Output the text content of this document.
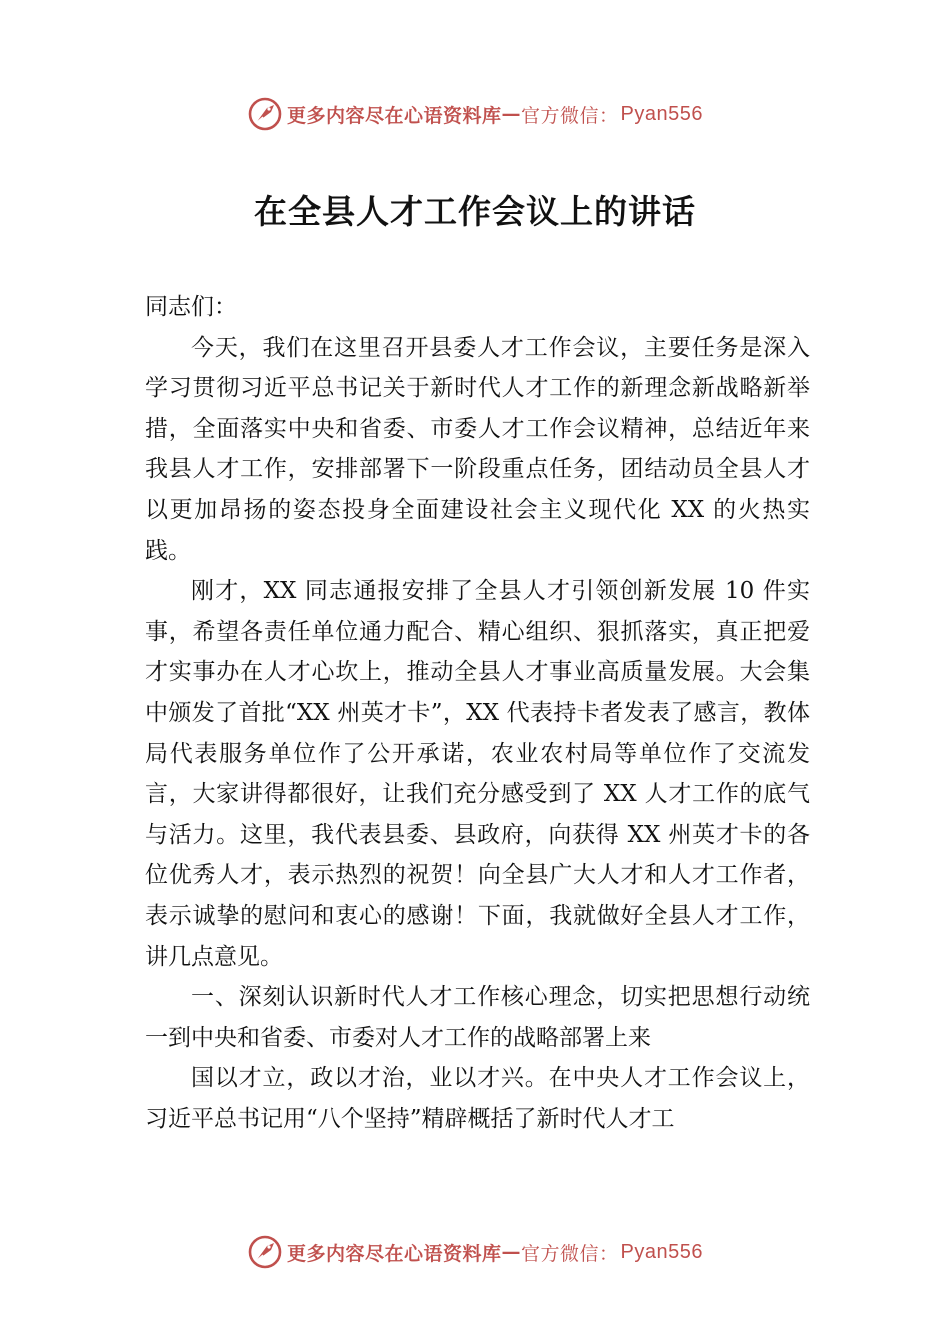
更多内容尽在心语资料库 — 官方微信： Pyan556
在全县人才工作会议上的讲话

同志们：

今天，我们在这里召开县委人才工作会议，主要任务是深入学习贯彻习近平总书记关于新时代人才工作的新理念新战略新举措，全面落实中央和省委、市委人才工作会议精神，总结近年来我县人才工作，安排部署下一阶段重点任务，团结动员全县人才以更加昂扬的姿态投身全面建设社会主义现代化 XX 的火热实践。

刚才，XX 同志通报安排了全县人才引领创新发展 10 件实事，希望各责任单位通力配合、精心组织、狠抓落实，真正把爱才实事办在人才心坎上，推动全县人才事业高质量发展。大会集中颁发了首批“XX 州英才卡”，XX 代表持卡者发表了感言，教体局代表服务单位作了公开承诺，农业农村局等单位作了交流发言，大家讲得都很好，让我们充分感受到了 XX 人才工作的底气与活力。这里，我代表县委、县政府，向获得 XX 州英才卡的各位优秀人才，表示热烈的祝贺！向全县广大人才和人才工作者，表示诚挚的慰问和衷心的感谢！下面，我就做好全县人才工作，讲几点意见。

一、深刻认识新时代人才工作核心理念，切实把思想行动统一到中央和省委、市委对人才工作的战略部署上来

国以才立，政以才治，业以才兴。在中央人才工作会议上，习近平总书记用“八个坚持”精辟概括了新时代人才工

更多内容尽在心语资料库 — 官方微信： Pyan556
